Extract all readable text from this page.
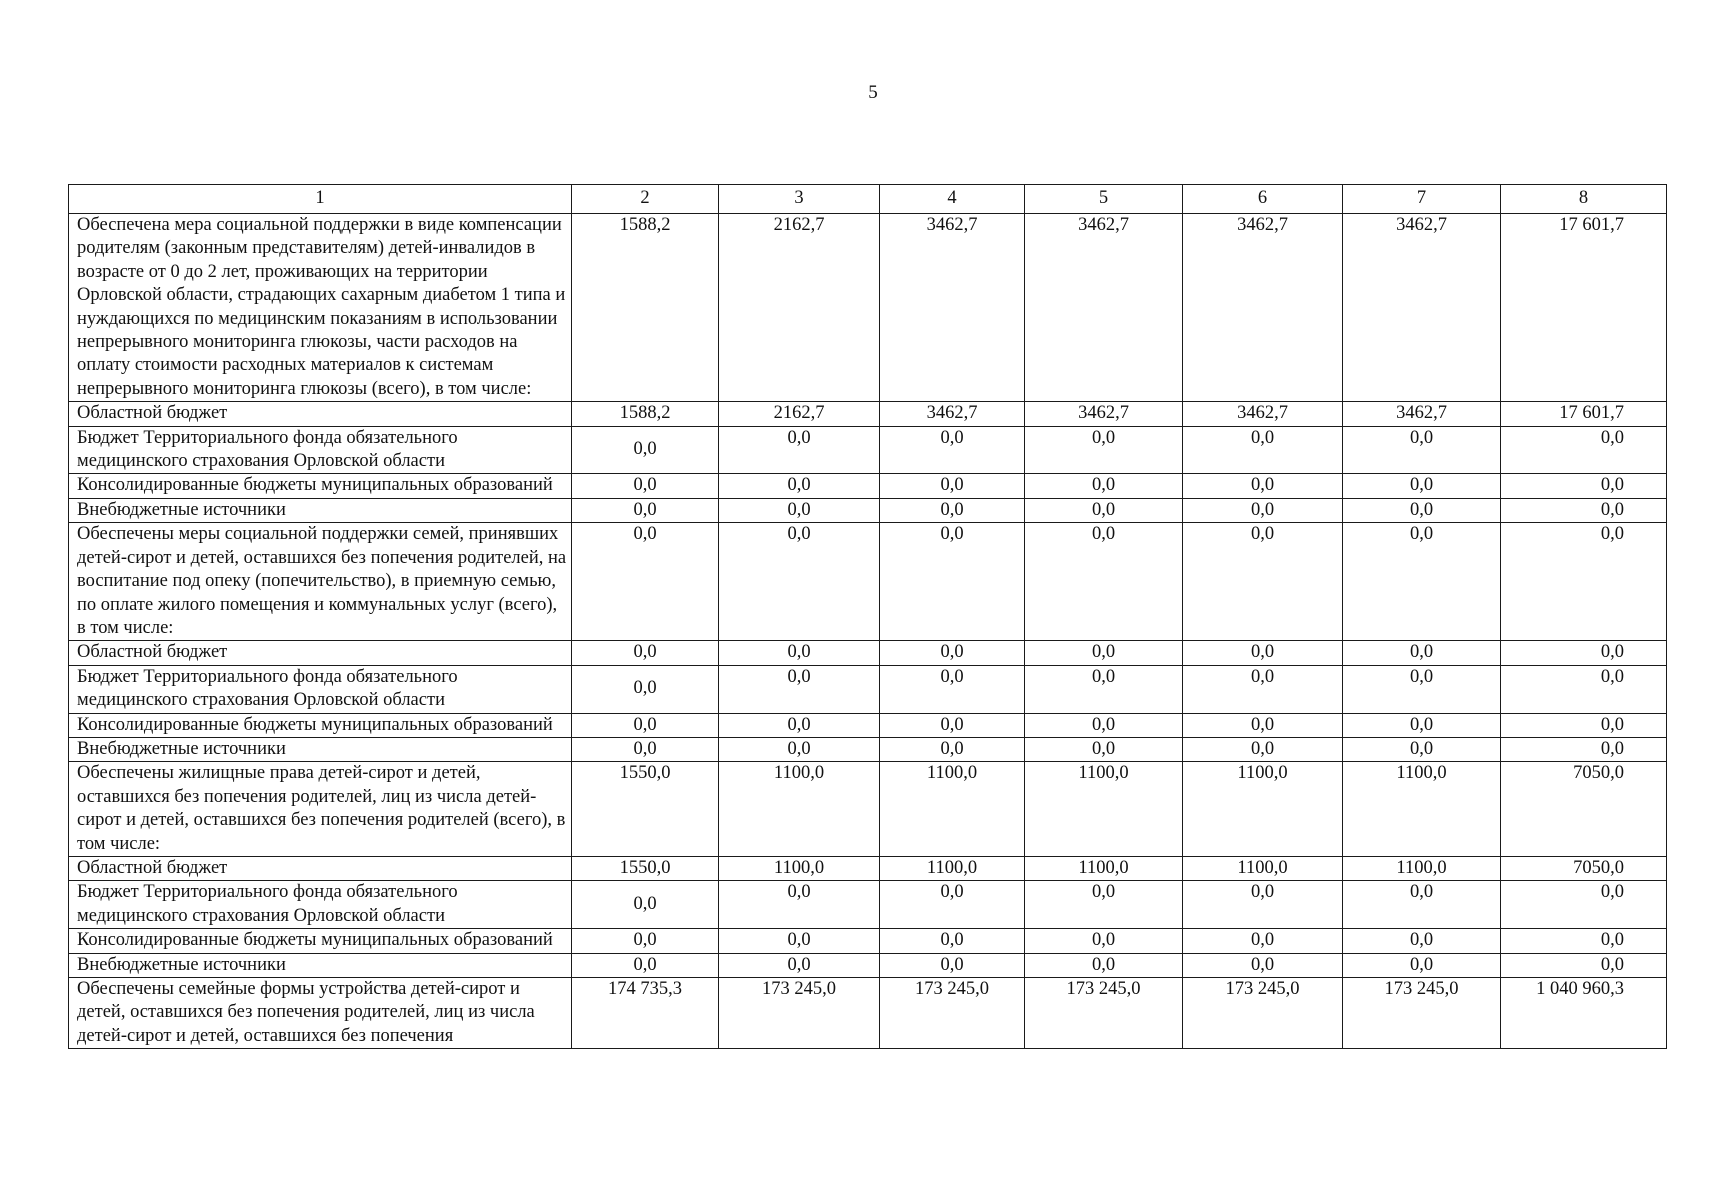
5
1	2	3	4	5	6	7	8
Обеспечена мера социальной поддержки в виде компенсации родителям (законным представителям) детей-инвалидов в возрасте от 0 до 2 лет, проживающих на территории Орловской области, страдающих сахарным диабетом 1 типа и нуждающихся по медицинским показаниям в использовании непрерывного мониторинга глюкозы, части расходов на оплату стоимости расходных материалов к системам непрерывного мониторинга глюкозы (всего), в том числе:	1588,2	2162,7	3462,7	3462,7	3462,7	3462,7	17 601,7
Областной бюджет	1588,2	2162,7	3462,7	3462,7	3462,7	3462,7	17 601,7
Бюджет Территориального фонда обязательного медицинского страхования Орловской области	0,0	0,0	0,0	0,0	0,0	0,0	0,0
Консолидированные бюджеты муниципальных образований	0,0	0,0	0,0	0,0	0,0	0,0	0,0
Внебюджетные источники	0,0	0,0	0,0	0,0	0,0	0,0	0,0
Обеспечены меры социальной поддержки семей, принявших детей-сирот и детей, оставшихся без попечения родителей, на воспитание под опеку (попечительство), в приемную семью, по оплате жилого помещения и коммунальных услуг (всего), в том числе:	0,0	0,0	0,0	0,0	0,0	0,0	0,0
Областной бюджет	0,0	0,0	0,0	0,0	0,0	0,0	0,0
Бюджет Территориального фонда обязательного медицинского страхования Орловской области	0,0	0,0	0,0	0,0	0,0	0,0	0,0
Консолидированные бюджеты муниципальных образований	0,0	0,0	0,0	0,0	0,0	0,0	0,0
Внебюджетные источники	0,0	0,0	0,0	0,0	0,0	0,0	0,0
Обеспечены жилищные права детей-сирот и детей, оставшихся без попечения родителей, лиц из числа детей-сирот и детей, оставшихся без попечения родителей (всего), в том числе:	1550,0	1100,0	1100,0	1100,0	1100,0	1100,0	7050,0
Областной бюджет	1550,0	1100,0	1100,0	1100,0	1100,0	1100,0	7050,0
Бюджет Территориального фонда обязательного медицинского страхования Орловской области	0,0	0,0	0,0	0,0	0,0	0,0	0,0
Консолидированные бюджеты муниципальных образований	0,0	0,0	0,0	0,0	0,0	0,0	0,0
Внебюджетные источники	0,0	0,0	0,0	0,0	0,0	0,0	0,0
Обеспечены семейные формы устройства детей-сирот и детей, оставшихся без попечения родителей, лиц из числа детей-сирот и детей, оставшихся без попечения	174 735,3	173 245,0	173 245,0	173 245,0	173 245,0	173 245,0	1 040 960,3
